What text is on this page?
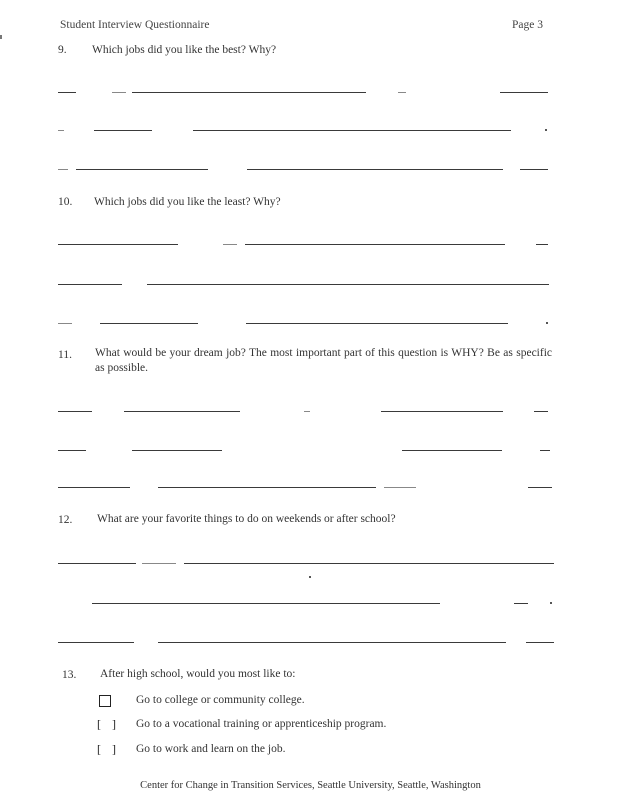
Student Interview Questionnaire	Page 3
9. Which jobs did you like the best? Why?
10. Which jobs did you like the least? Why?
11. What would be your dream job? The most important part of this question is WHY? Be as specific as possible.
12. What are your favorite things to do on weekends or after school?
13. After high school, would you most like to:
Go to college or community college.
[ ] Go to a vocational training or apprenticeship program.
[ ] Go to work and learn on the job.
Center for Change in Transition Services, Seattle University, Seattle, Washington
